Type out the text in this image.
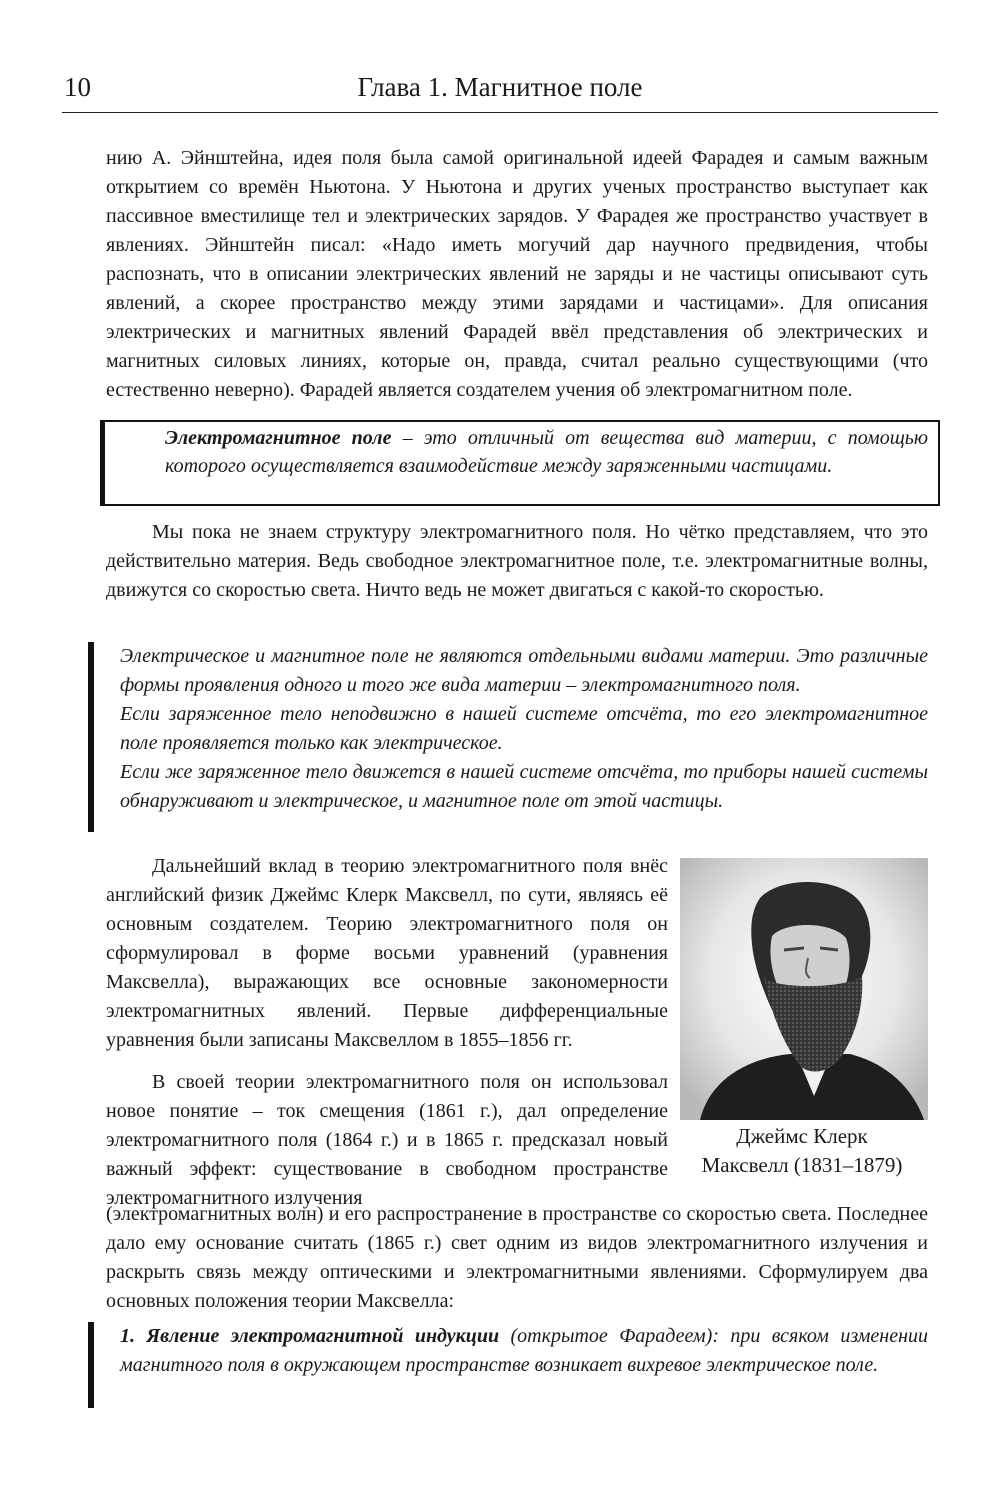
10	Глава 1. Магнитное поле

нию А. Эйнштейна, идея поля была самой оригинальной идеей Фарадея и самым важным открытием со времён Ньютона. У Ньютона и других ученых пространство выступает как пассивное вместилище тел и электрических зарядов. У Фарадея же пространство участвует в явлениях. Эйнштейн писал: «Надо иметь могучий дар научного предвидения, чтобы распознать, что в описании электрических явлений не заряды и не частицы описывают суть явлений, а скорее пространство между этими зарядами и частицами». Для описания электрических и магнитных явлений Фарадей ввёл представления об электрических и магнитных силовых линиях, которые он, правда, считал реально существующими (что естественно неверно). Фарадей является создателем учения об электромагнитном поле.

Электромагнитное поле – это отличный от вещества вид материи, с помощью которого осуществляется взаимодействие между заряженными частицами.

Мы пока не знаем структуру электромагнитного поля. Но чётко представляем, что это действительно материя. Ведь свободное электромагнитное поле, т.е. электромагнитные волны, движутся со скоростью света. Ничто ведь не может двигаться с какой-то скоростью.

Электрическое и магнитное поле не являются отдельными видами материи. Это различные формы проявления одного и того же вида материи – электромагнитного поля.

Если заряженное тело неподвижно в нашей системе отсчёта, то его электромагнитное поле проявляется только как электрическое.

Если же заряженное тело движется в нашей системе отсчёта, то приборы нашей системы обнаруживают и электрическое, и магнитное поле от этой частицы.

Дальнейший вклад в теорию электромагнитного поля внёс английский физик Джеймс Клерк Максвелл, по сути, являясь её основным создателем. Теорию электромагнитного поля он сформулировал в форме восьми уравнений (уравнения Максвелла), выражающих все основные закономерности электромагнитных явлений. Первые дифференциальные уравнения были записаны Максвеллом в 1855–1856 гг.

Джеймс Клерк
Максвелл (1831–1879)

В своей теории электромагнитного поля он использовал новое понятие – ток смещения (1861 г.), дал определение электромагнитного поля (1864 г.) и в 1865 г. предсказал новый важный эффект: существование в свободном пространстве электромагнитного излучения

(электромагнитных волн) и его распространение в пространстве со скоростью света. Последнее дало ему основание считать (1865 г.) свет одним из видов электромагнитного излучения и раскрыть связь между оптическими и электромагнитными явлениями. Сформулируем два основных положения теории Максвелла:

1. Явление электромагнитной индукции (открытое Фарадеем): при всяком изменении магнитного поля в окружающем пространстве возникает вихревое электрическое поле.
